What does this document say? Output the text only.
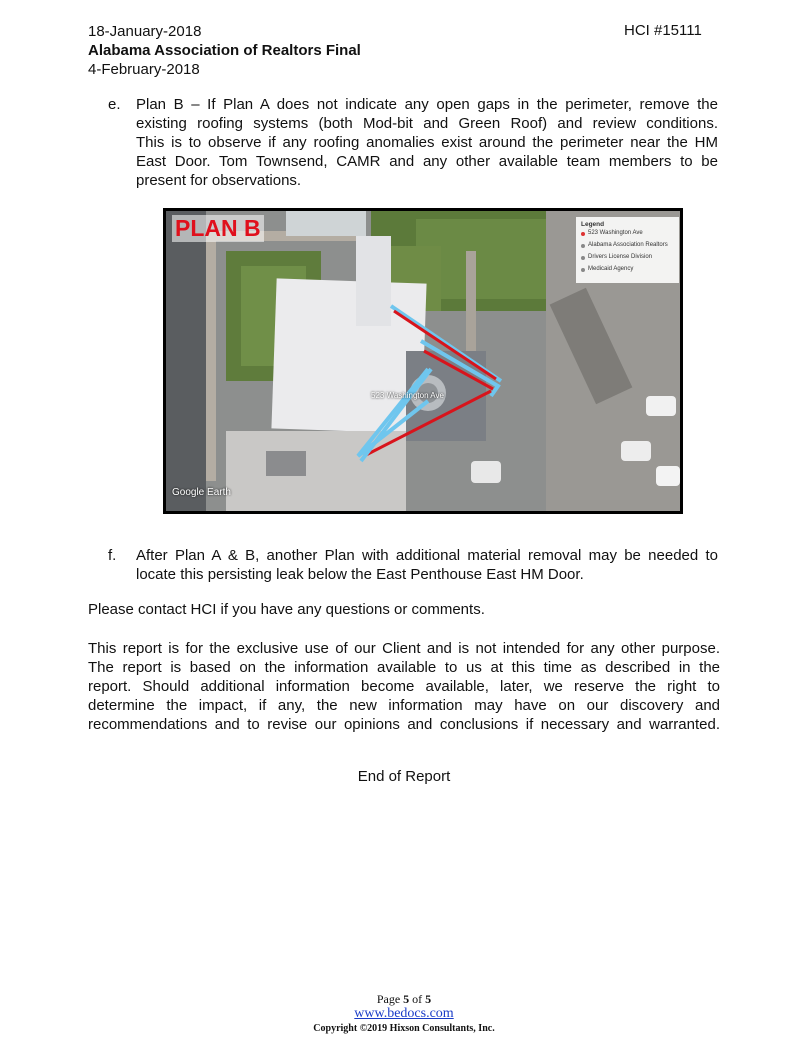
18-January-2018
Alabama Association of Realtors Final
4-February-2018
HCI #15111
e. Plan B – If Plan A does not indicate any open gaps in the perimeter, remove the
existing roofing systems (both Mod-bit and Green Roof) and review conditions.
This is to observe if any roofing anomalies exist around the perimeter near the HM
East Door. Tom Townsend, CAMR and any other available team members to be
present for observations.
PLAN B
523 Washington Ave
Google Earth
Legend
523 Washington Ave
Alabama Association Realtors
Drivers License Division
Medicaid Agency
f. After Plan A & B, another Plan with additional material removal may be needed to
locate this persisting leak below the East Penthouse East HM Door.
Please contact HCI if you have any questions or comments.
This report is for the exclusive use of our Client and is not intended for any other purpose.
The report is based on the information available to us at this time as described in the
report. Should additional information become available, later, we reserve the right to
determine the impact, if any, the new information may have on our discovery and
recommendations and to revise our opinions and conclusions if necessary and warranted.
End of Report
Page 5 of 5
www.bedocs.com
Copyright ©2019 Hixson Consultants, Inc.
